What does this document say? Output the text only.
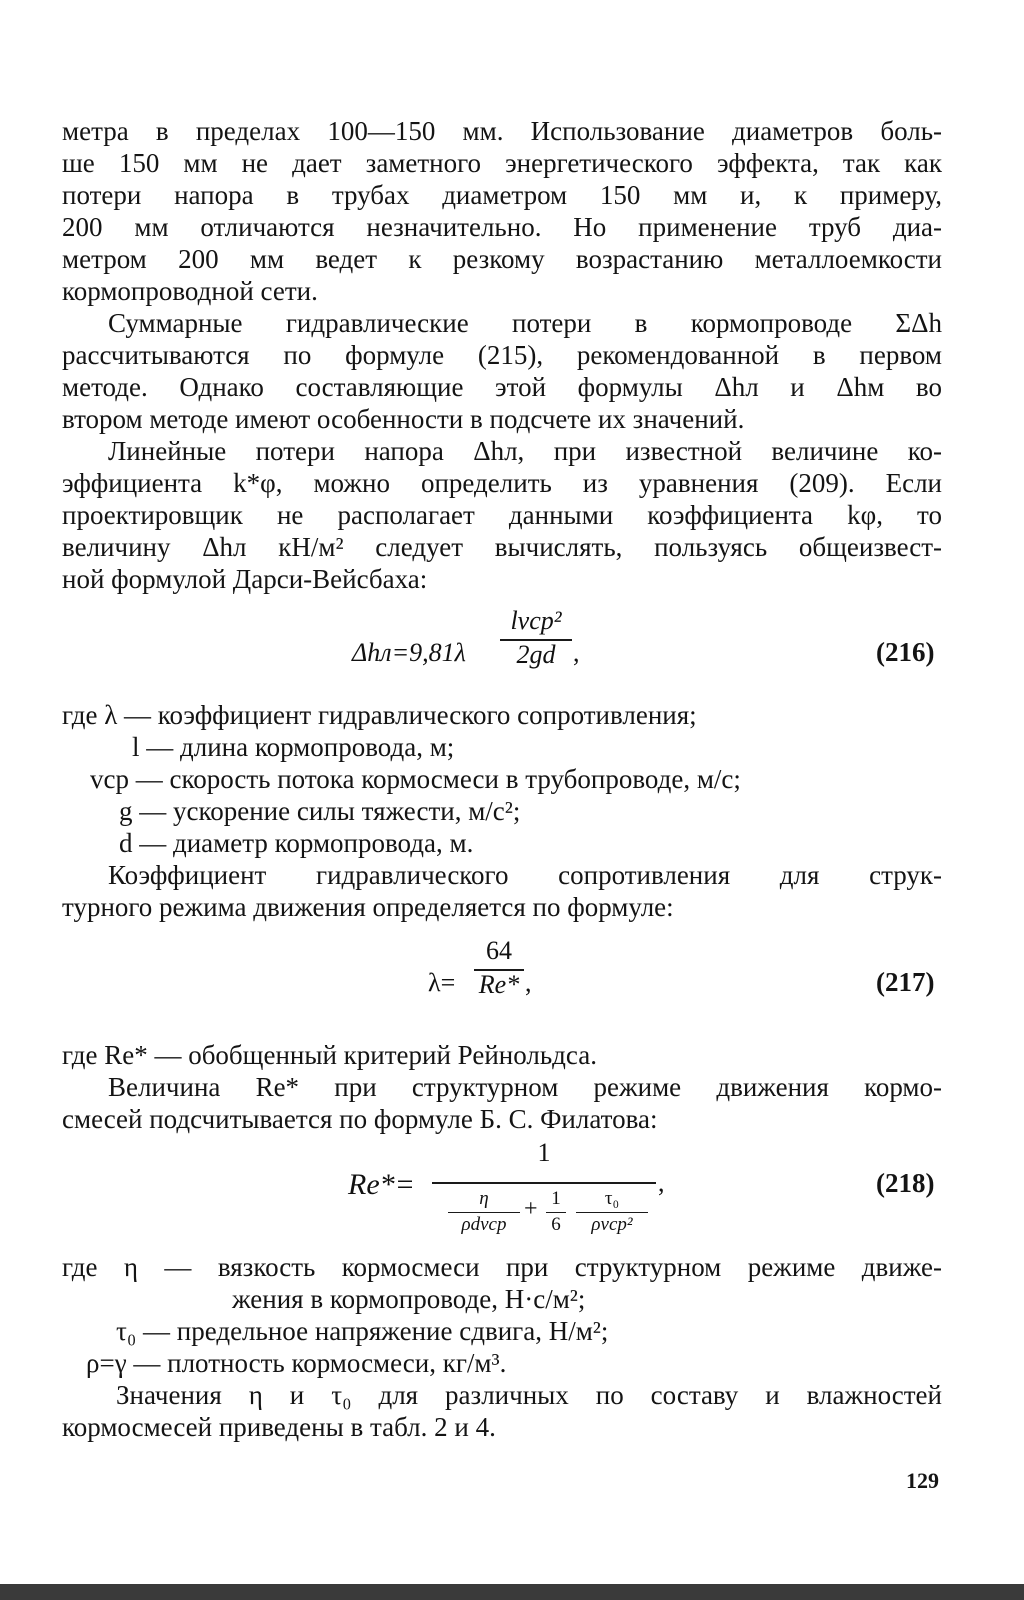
метра в пределах 100—150 мм. Использование диаметров боль-
ше 150 мм не дает заметного энергетического эффекта, так как
потери напора в трубах диаметром 150 мм и, к примеру,
200 мм отличаются незначительно. Но применение труб диа-
метром 200 мм ведет к резкому возрастанию металлоемкости
кормопроводной сети.
Суммарные гидравлические потери в кормопроводе ΣΔh
рассчитываются по формуле (215), рекомендованной в первом
методе. Однако составляющие этой формулы Δhл и Δhм во
втором методе имеют особенности в подсчете их значений.
Линейные потери напора Δhл, при известной величине ко-
эффициента k*φ, можно определить из уравнения (209). Если
проектировщик не располагает данными коэффициента kφ, то
величину Δhл кН/м² следует вычислять, пользуясь общеизвест-
ной формулой Дарси-Вейсбаха:
Δhл=9,81λ
lvср²
2gd ,	(216)
где λ — коэффициент гидравлического сопротивления;
l — длина кормопровода, м;
vср — скорость потока кормосмеси в трубопроводе, м/с;
g — ускорение силы тяжести, м/с²;
d — диаметр кормопровода, м.
Коэффициент гидравлического сопротивления для струк-
турного режима движения определяется по формуле:
λ=
64
Re* ,	(217)
где Re* — обобщенный критерий Рейнольдса.
Величина Re* при структурном режиме движения кормо-
смесей подсчитывается по формуле Б. С. Филатова:
Re*=
1
η
ρdvср
+ 1
6
τ₀
ρvср²
,	(218)
где η — вязкость кормосмеси при структурном режиме движе-
жения в кормопроводе, Н·с/м²;
τ₀ — предельное напряжение сдвига, Н/м²;
ρ=γ — плотность кормосмеси, кг/м³.
Значения η и τ₀ для различных по составу и влажностей
кормосмесей приведены в табл. 2 и 4.
129
